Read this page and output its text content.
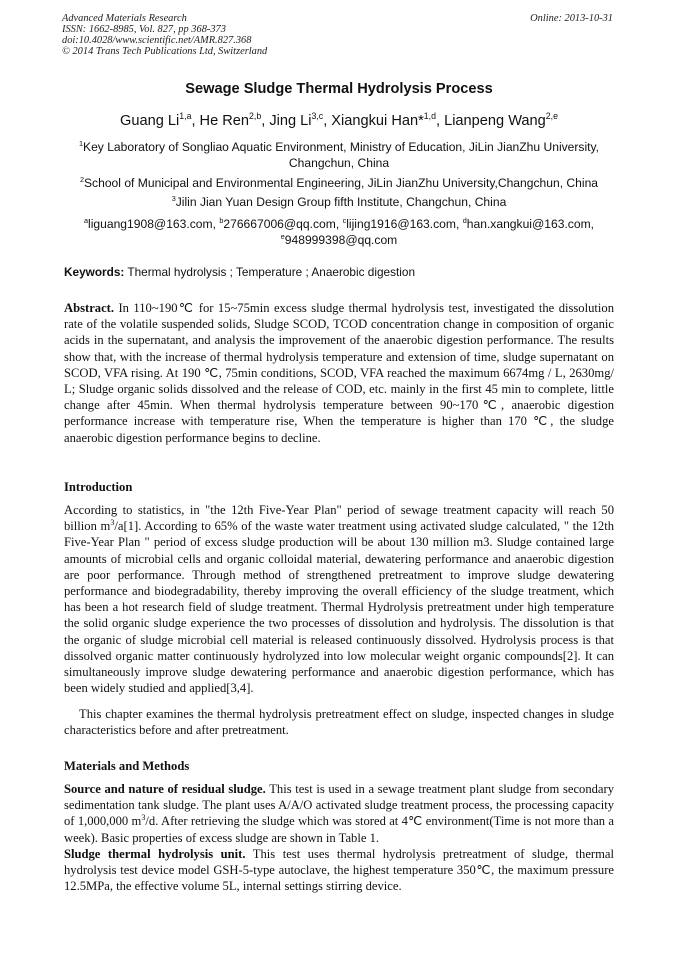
Advanced Materials Research
ISSN: 1662-8985, Vol. 827, pp 368-373
doi:10.4028/www.scientific.net/AMR.827.368
© 2014 Trans Tech Publications Ltd, Switzerland
Online: 2013-10-31
Sewage Sludge Thermal Hydrolysis Process
Guang Li$^{1,a}$, He Ren$^{2,b}$, Jing Li$^{3,c}$, Xiangkui Han*$^{1,d}$, Lianpeng Wang$^{2,e}$
$^1$Key Laboratory of Songliao Aquatic Environment, Ministry of Education, JiLin JianZhu University,
Changchun, China
$^2$School of Municipal and Environmental Engineering, JiLin JianZhu University,Changchun, China
$^3$Jilin Jian Yuan Design Group fifth Institute, Changchun, China
$^a$liguang1908@163.com, $^b$276667006@qq.com, $^c$lijing1916@163.com, $^d$han.xangkui@163.com,
$^e$948999398@qq.com
Keywords: Thermal hydrolysis ; Temperature ; Anaerobic digestion
Abstract. In 110~190℃ for 15~75min excess sludge thermal hydrolysis test, investigated the dissolution rate of the volatile suspended solids, Sludge SCOD, TCOD concentration change in composition of organic acids in the supernatant, and analysis the improvement of the anaerobic digestion performance. The results show that, with the increase of thermal hydrolysis temperature and extension of time, sludge supernatant on SCOD, VFA rising. At 190 ℃, 75min conditions, SCOD, VFA reached the maximum 6674mg / L, 2630mg/ L; Sludge organic solids dissolved and the release of COD, etc. mainly in the first 45 min to complete, little change after 45min. When thermal hydrolysis temperature between 90~170℃, anaerobic digestion performance increase with temperature rise, When the temperature is higher than 170 ℃, the sludge anaerobic digestion performance begins to decline.
Introduction
According to statistics, in "the 12th Five-Year Plan" period of sewage treatment capacity will reach 50 billion $m^3/a[1]$. According to 65% of the waste water treatment using activated sludge calculated, " the 12th Five-Year Plan " period of excess sludge production will be about 130 million m3. Sludge contained large amounts of microbial cells and organic colloidal material, dewatering performance and anaerobic digestion are poor performance. Through method of strengthened pretreatment to improve sludge dewatering performance and biodegradability, thereby improving the overall efficiency of the sludge treatment, which has been a hot research field of sludge treatment. Thermal Hydrolysis pretreatment under high temperature the solid organic sludge experience the two processes of dissolution and hydrolysis. The dissolution is that the organic of sludge microbial cell material is released continuously dissolved. Hydrolysis process is that dissolved organic matter continuously hydrolyzed into low molecular weight organic compounds[2]. It can simultaneously improve sludge dewatering performance and anaerobic digestion performance, which has been widely studied and applied[3,4].
This chapter examines the thermal hydrolysis pretreatment effect on sludge, inspected changes in sludge characteristics before and after pretreatment.
Materials and Methods
Source and nature of residual sludge. This test is used in a sewage treatment plant sludge from secondary sedimentation tank sludge. The plant uses A/A/O activated sludge treatment process, the processing capacity of 1,000,000 $m^3/d$. After retrieving the sludge which was stored at 4℃ environment(Time is not more than a week). Basic properties of excess sludge are shown in Table 1.
Sludge thermal hydrolysis unit. This test uses thermal hydrolysis pretreatment of sludge, thermal hydrolysis test device model GSH-5-type autoclave, the highest temperature 350℃, the maximum pressure 12.5MPa, the effective volume 5L, internal settings stirring device.
